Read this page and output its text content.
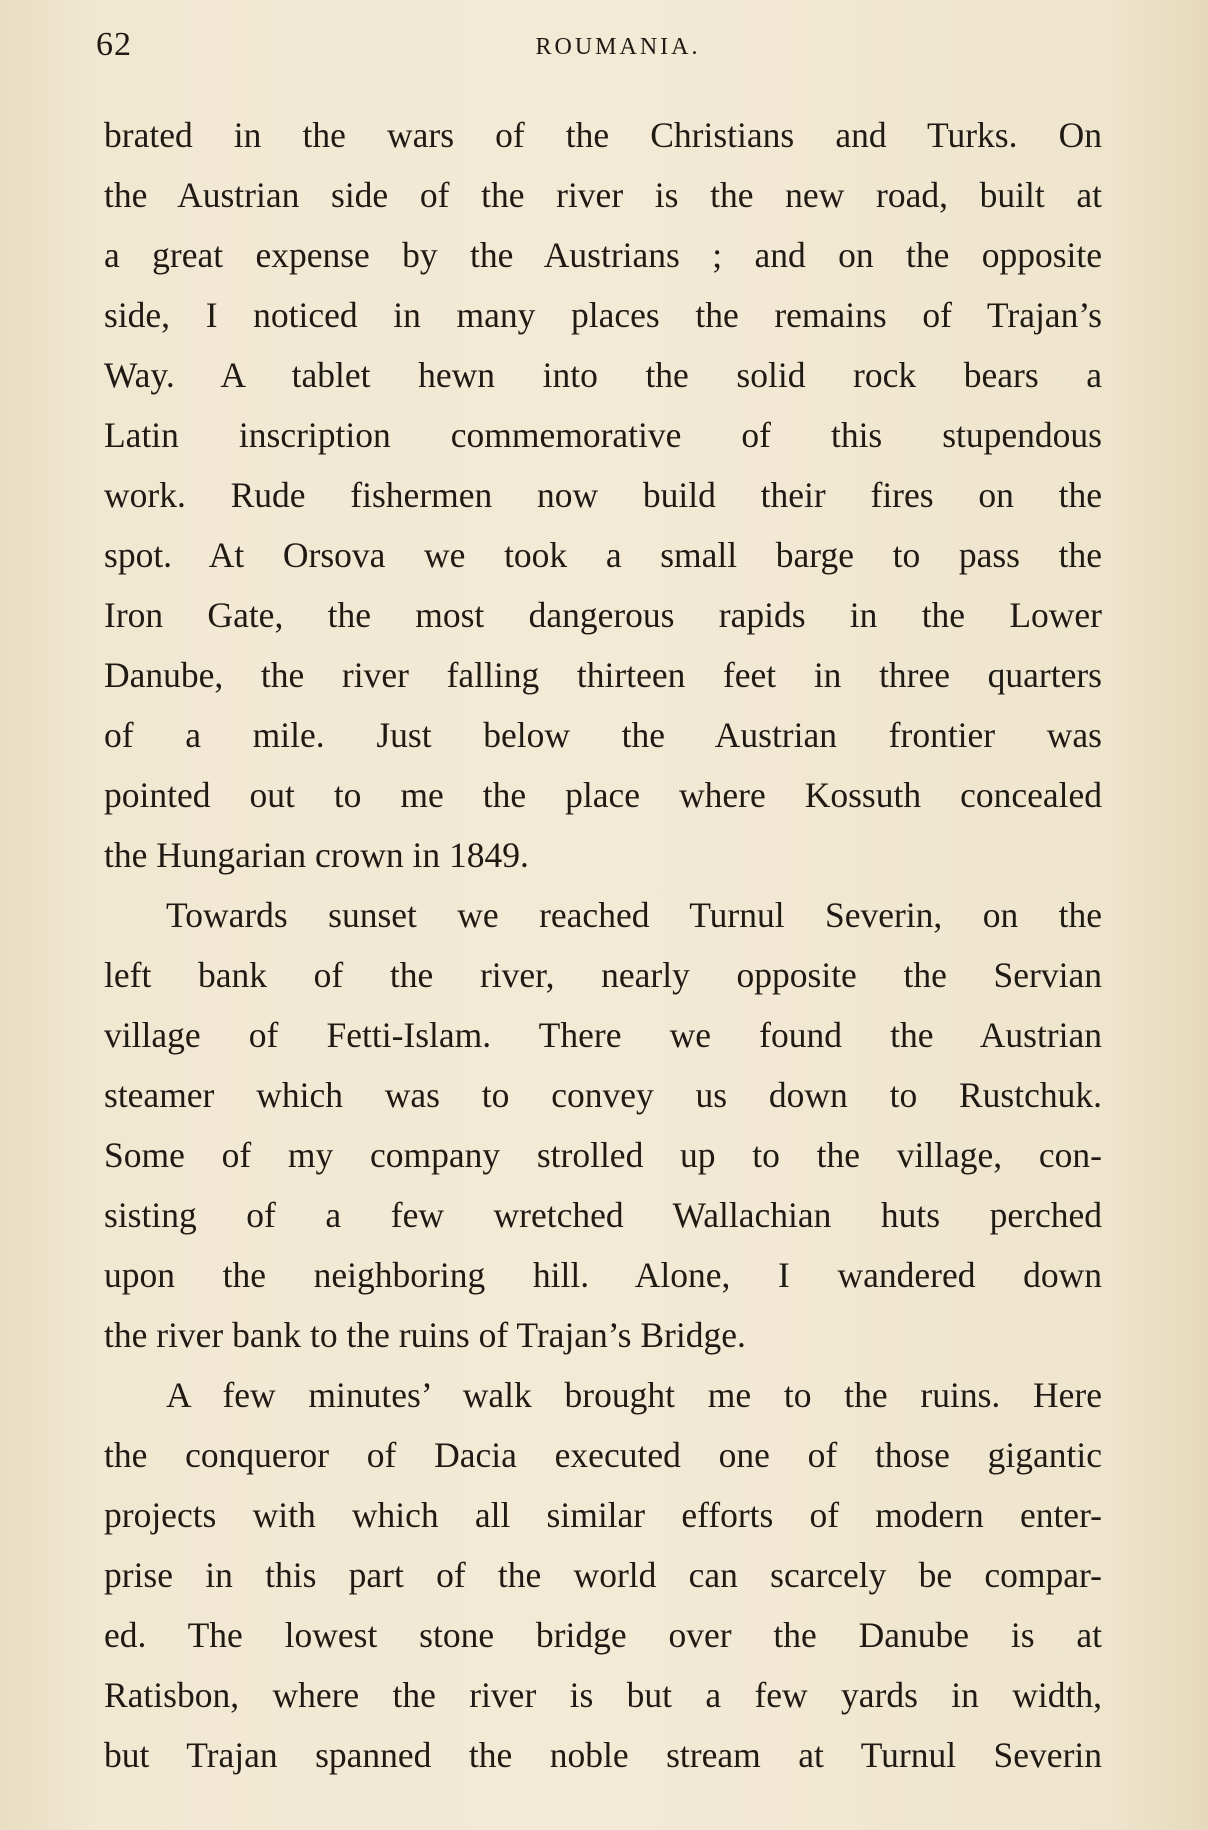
62	ROUMANIA.
brated in the wars of the Christians and Turks. On
the Austrian side of the river is the new road, built at
a great expense by the Austrians ; and on the opposite
side, I noticed in many places the remains of Trajan’s
Way. A tablet hewn into the solid rock bears a
Latin inscription commemorative of this stupendous
work. Rude fishermen now build their fires on the
spot. At Orsova we took a small barge to pass the
Iron Gate, the most dangerous rapids in the Lower
Danube, the river falling thirteen feet in three quarters
of a mile. Just below the Austrian frontier was
pointed out to me the place where Kossuth concealed
the Hungarian crown in 1849.
Towards sunset we reached Turnul Severin, on the
left bank of the river, nearly opposite the Servian
village of Fetti-Islam. There we found the Austrian
steamer which was to convey us down to Rustchuk.
Some of my company strolled up to the village, con-
sisting of a few wretched Wallachian huts perched
upon the neighboring hill. Alone, I wandered down
the river bank to the ruins of Trajan’s Bridge.
A few minutes’ walk brought me to the ruins. Here
the conqueror of Dacia executed one of those gigantic
projects with which all similar efforts of modern enter-
prise in this part of the world can scarcely be compar-
ed. The lowest stone bridge over the Danube is at
Ratisbon, where the river is but a few yards in width,
but Trajan spanned the noble stream at Turnul Severin
